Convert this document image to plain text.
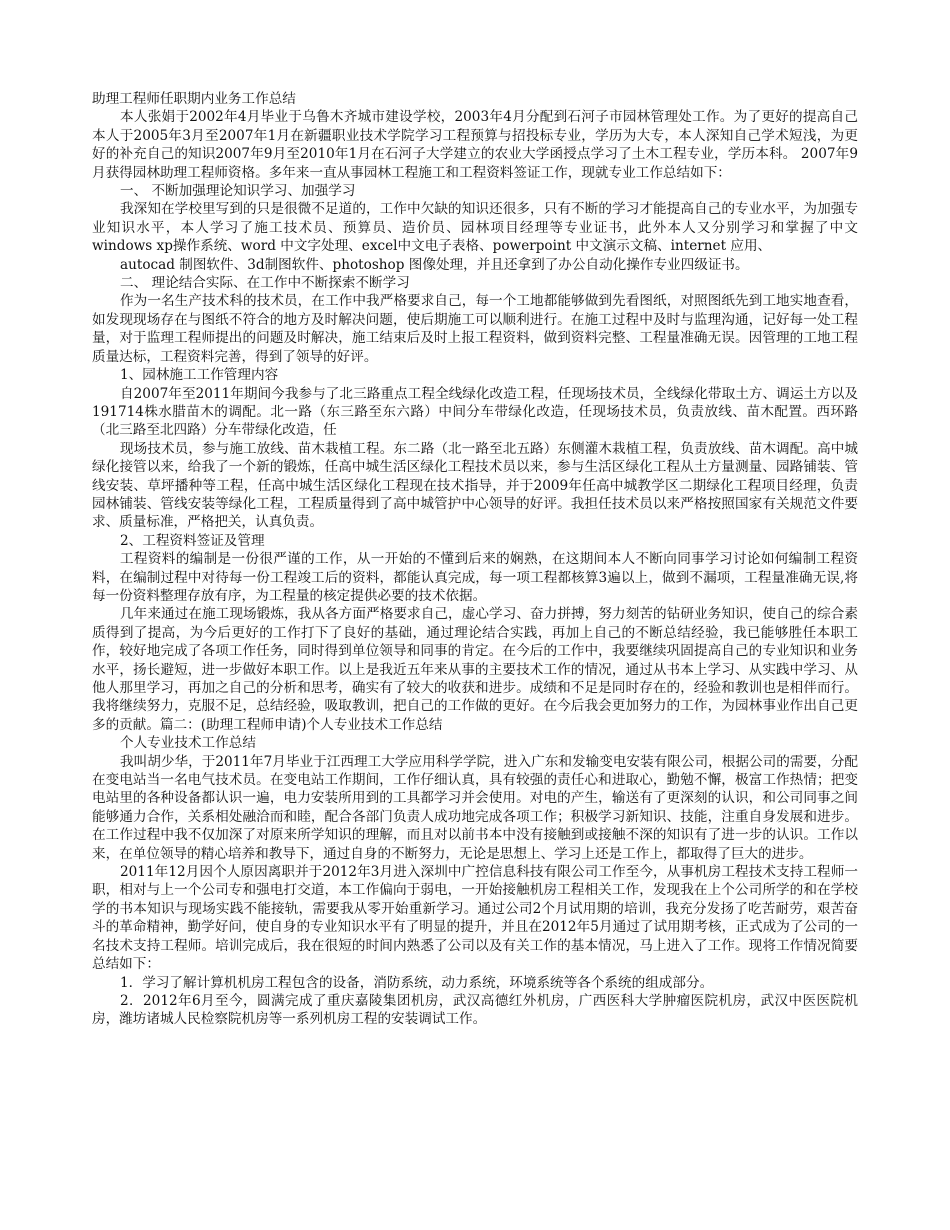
助理工程师任职期内业务工作总结

本人张娟于2002年4月毕业于乌鲁木齐城市建设学校，2003年4月分配到石河子市园林管理处工作。为了更好的提高自己本人于2005年3月至2007年1月在新疆职业技术学院学习工程预算与招投标专业，学历为大专，本人深知自己学术短浅，为更好的补充自己的知识2007年9月至2010年1月在石河子大学建立的农业大学函授点学习了土木工程专业，学历本科。 2007年9月获得园林助理工程师资格。多年来一直从事园林工程施工和工程资料签证工作，现就专业工作总结如下：

一、 不断加强理论知识学习、加强学习

我深知在学校里写到的只是很微不足道的，工作中欠缺的知识还很多，只有不断的学习才能提高自己的专业水平，为加强专业知识水平，本人学习了施工技术员、预算员、造价员、园林项目经理等专业证书，此外本人又分别学习和掌握了中文windows xp操作系统、word 中文字处理、excel中文电子表格、powerpoint 中文演示文稿、internet 应用、

autocad 制图软件、3d制图软件、photoshop 图像处理，并且还拿到了办公自动化操作专业四级证书。

二、 理论结合实际、在工作中不断探索不断学习

作为一名生产技术科的技术员，在工作中我严格要求自己，每一个工地都能够做到先看图纸，对照图纸先到工地实地查看，如发现现场存在与图纸不符合的地方及时解决问题，使后期施工可以顺利进行。在施工过程中及时与监理沟通，记好每一处工程量，对于监理工程师提出的问题及时解决，施工结束后及时上报工程资料，做到资料完整、工程量准确无误。因管理的工地工程质量达标，工程资料完善，得到了领导的好评。

1、园林施工工作管理内容

自2007年至2011年期间今我参与了北三路重点工程全线绿化改造工程，任现场技术员，全线绿化带取土方、调运土方以及191714株水腊苗木的调配。北一路（东三路至东六路）中间分车带绿化改造，任现场技术员，负责放线、苗木配置。西环路（北三路至北四路）分车带绿化改造，任

现场技术员，参与施工放线、苗木栽植工程。东二路（北一路至北五路）东侧灌木栽植工程，负责放线、苗木调配。高中城绿化接管以来，给我了一个新的锻炼，任高中城生活区绿化工程技术员以来，参与生活区绿化工程从土方量测量、园路铺装、管线安装、草坪播种等工程，任高中城生活区绿化工程现在技术指导，并于2009年任高中城教学区二期绿化工程项目经理，负责园林铺装、管线安装等绿化工程，工程质量得到了高中城管护中心领导的好评。我担任技术员以来严格按照国家有关规范文件要求、质量标准，严格把关，认真负责。

2、工程资料签证及管理

工程资料的编制是一份很严谨的工作，从一开始的不懂到后来的娴熟，在这期间本人不断向同事学习讨论如何编制工程资料，在编制过程中对待每一份工程竣工后的资料，都能认真完成，每一项工程都核算3遍以上，做到不漏项，工程量准确无误,将每一份资料整理存放有序，为工程量的核定提供必要的技术依据。

几年来通过在施工现场锻炼，我从各方面严格要求自己，虚心学习、奋力拼搏，努力刻苦的钻研业务知识，使自己的综合素质得到了提高，为今后更好的工作打下了良好的基础，通过理论结合实践，再加上自己的不断总结经验，我已能够胜任本职工作，较好地完成了各项工作任务，同时得到单位领导和同事的肯定。在今后的工作中，我要继续巩固提高自己的专业知识和业务水平，扬长避短，进一步做好本职工作。以上是我近五年来从事的主要技术工作的情况，通过从书本上学习、从实践中学习、从他人那里学习，再加之自己的分析和思考，确实有了较大的收获和进步。成绩和不足是同时存在的，经验和教训也是相伴而行。我将继续努力，克服不足，总结经验，吸取教训，把自己的工作做的更好。在今后我会更加努力的工作，为园林事业作出自己更多的贡献。篇二：(助理工程师申请)个人专业技术工作总结

个人专业技术工作总结

我叫胡少华，于2011年7月毕业于江西理工大学应用科学学院，进入广东和发输变电安装有限公司，根据公司的需要，分配在变电站当一名电气技术员。在变电站工作期间，工作仔细认真，具有较强的责任心和进取心，勤勉不懈，极富工作热情；把变电站里的各种设备都认识一遍，电力安装所用到的工具都学习并会使用。对电的产生，输送有了更深刻的认识，和公司同事之间能够通力合作，关系相处融洽而和睦，配合各部门负责人成功地完成各项工作；积极学习新知识、技能，注重自身发展和进步。在工作过程中我不仅加深了对原来所学知识的理解，而且对以前书本中没有接触到或接触不深的知识有了进一步的认识。工作以来，在单位领导的精心培养和教导下，通过自身的不断努力，无论是思想上、学习上还是工作上，都取得了巨大的进步。

2011年12月因个人原因离职并于2012年3月进入深圳中广控信息科技有限公司工作至今，从事机房工程技术支持工程师一职，相对与上一个公司专和强电打交道，本工作偏向于弱电，一开始接触机房工程相关工作，发现我在上个公司所学的和在学校学的书本知识与现场实践不能接轨，需要我从零开始重新学习。通过公司2个月试用期的培训，我充分发扬了吃苦耐劳，艰苦奋斗的革命精神，勤学好问，使自身的专业知识水平有了明显的提升，并且在2012年5月通过了试用期考核，正式成为了公司的一名技术支持工程师。培训完成后，我在很短的时间内熟悉了公司以及有关工作的基本情况，马上进入了工作。现将工作情况简要总结如下：

1．学习了解计算机机房工程包含的设备，消防系统，动力系统，环境系统等各个系统的组成部分。

2．2012年6月至今，圆满完成了重庆嘉陵集团机房，武汉高德红外机房，广西医科大学肿瘤医院机房，武汉中医医院机房，潍坊诸城人民检察院机房等一系列机房工程的安装调试工作。
